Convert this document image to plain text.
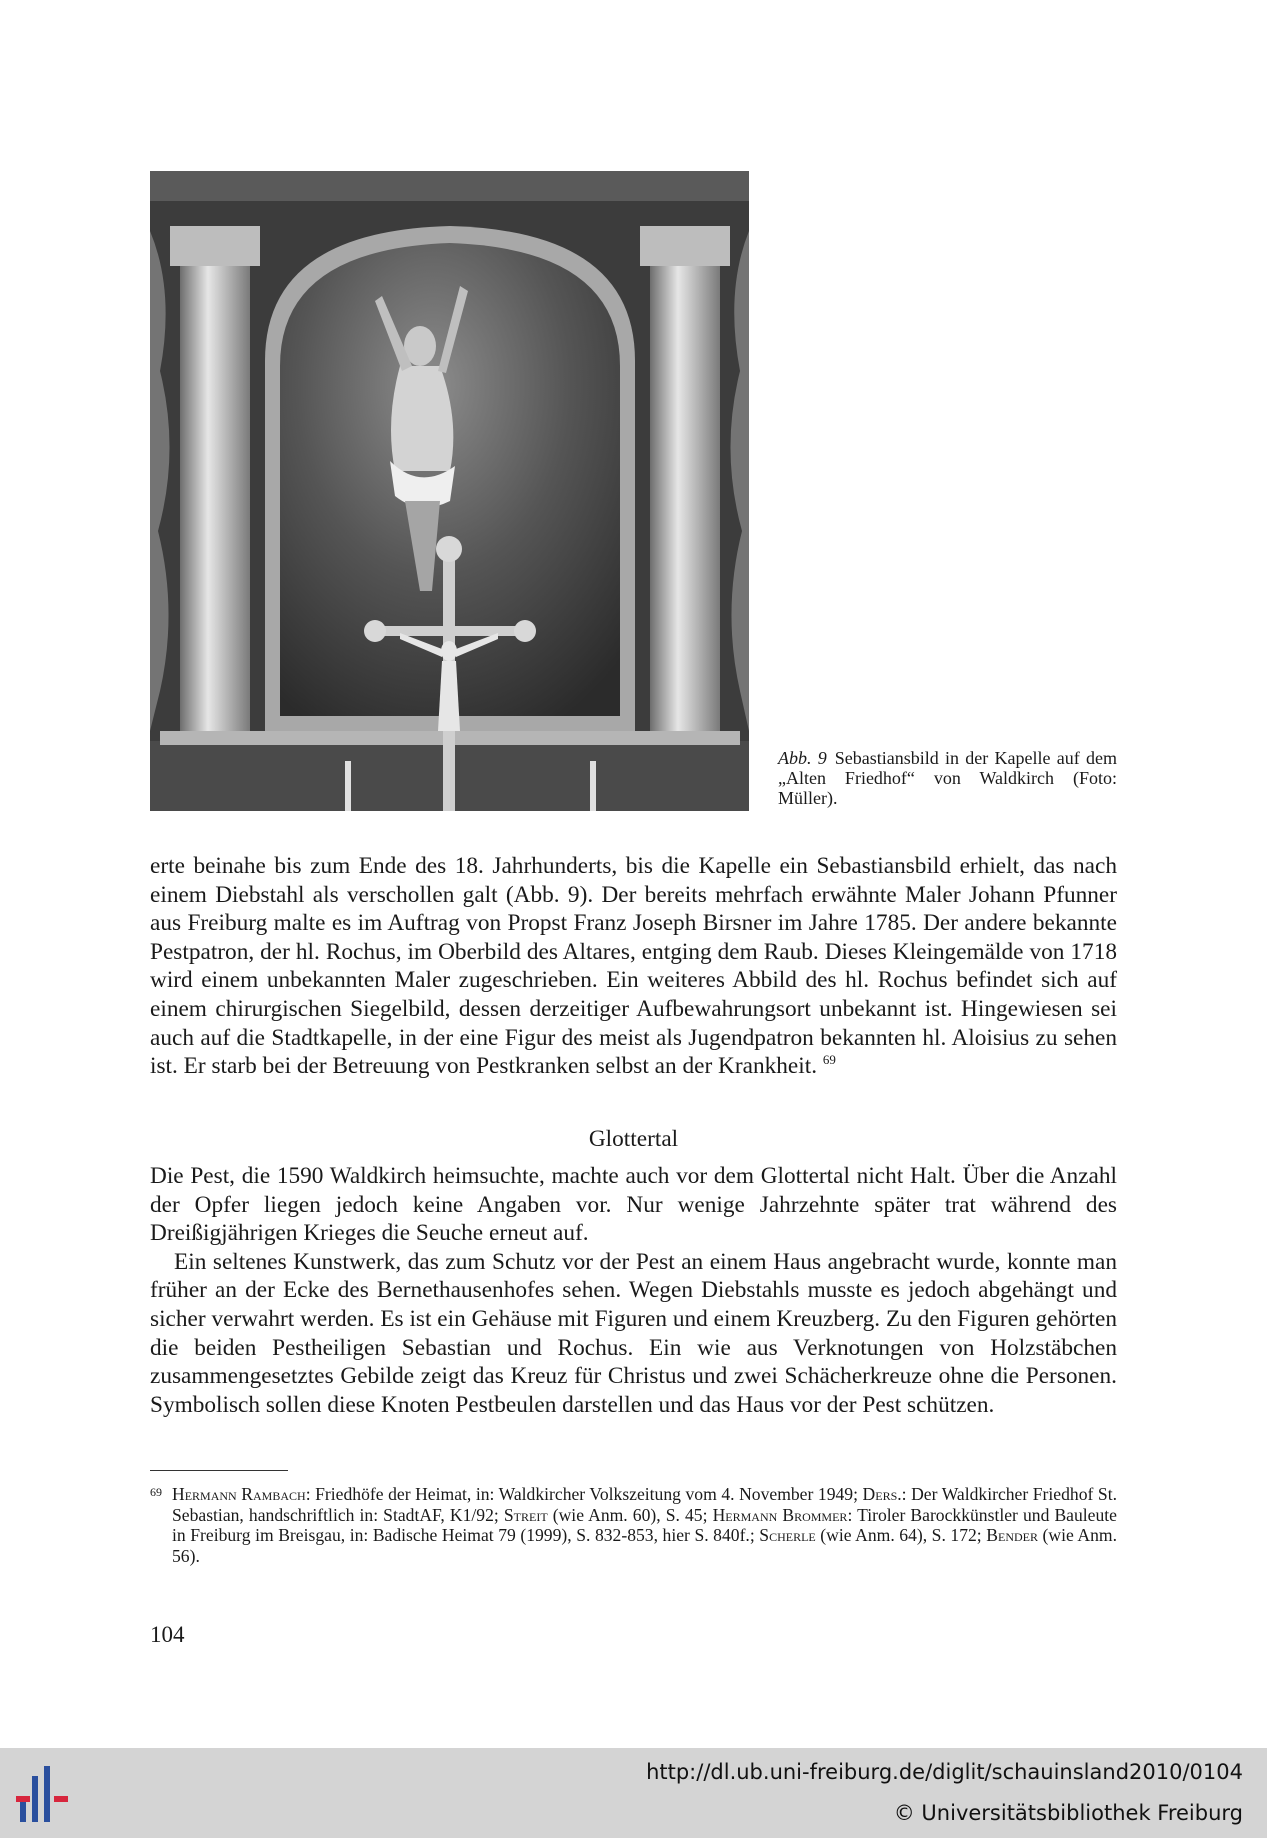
Abb. 9 Sebastiansbild in der Kapelle auf dem „Alten Friedhof“ von Waldkirch (Foto: Müller).

erte beinahe bis zum Ende des 18. Jahrhunderts, bis die Kapelle ein Sebastiansbild erhielt, das nach einem Diebstahl als verschollen galt (Abb. 9). Der bereits mehrfach erwähnte Maler Johann Pfunner aus Freiburg malte es im Auftrag von Propst Franz Joseph Birsner im Jahre 1785. Der andere bekannte Pestpatron, der hl. Rochus, im Oberbild des Altares, entging dem Raub. Dieses Kleingemälde von 1718 wird einem unbekannten Maler zugeschrieben. Ein weiteres Abbild des hl. Rochus befindet sich auf einem chirurgischen Siegelbild, dessen derzeitiger Aufbewahrungsort unbekannt ist. Hingewiesen sei auch auf die Stadtkapelle, in der eine Figur des meist als Jugendpatron bekannten hl. Aloisius zu sehen ist. Er starb bei der Betreuung von Pestkranken selbst an der Krankheit. $^{69}$

Glottertal

Die Pest, die 1590 Waldkirch heimsuchte, machte auch vor dem Glottertal nicht Halt. Über die Anzahl der Opfer liegen jedoch keine Angaben vor. Nur wenige Jahrzehnte später trat während des Dreißigjährigen Krieges die Seuche erneut auf.

Ein seltenes Kunstwerk, das zum Schutz vor der Pest an einem Haus angebracht wurde, konnte man früher an der Ecke des Bernethausenhofes sehen. Wegen Diebstahls musste es jedoch abgehängt und sicher verwahrt werden. Es ist ein Gehäuse mit Figuren und einem Kreuzberg. Zu den Figuren gehörten die beiden Pestheiligen Sebastian und Rochus. Ein wie aus Verknotungen von Holzstäbchen zusammengesetztes Gebilde zeigt das Kreuz für Christus und zwei Schächerkreuze ohne die Personen. Symbolisch sollen diese Knoten Pestbeulen darstellen und das Haus vor der Pest schützen.

69 Hermann Rambach: Friedhöfe der Heimat, in: Waldkircher Volkszeitung vom 4. November 1949; Ders.: Der Waldkircher Friedhof St. Sebastian, handschriftlich in: StadtAF, K1/92; Streit (wie Anm. 60), S. 45; Hermann Brommer: Tiroler Barockkünstler und Bauleute in Freiburg im Breisgau, in: Badische Heimat 79 (1999), S. 832-853, hier S. 840f.; Scherle (wie Anm. 64), S. 172; Bender (wie Anm. 56).
104
http://dl.ub.uni-freiburg.de/diglit/schauinsland2010/0104
© Universitätsbibliothek Freiburg
